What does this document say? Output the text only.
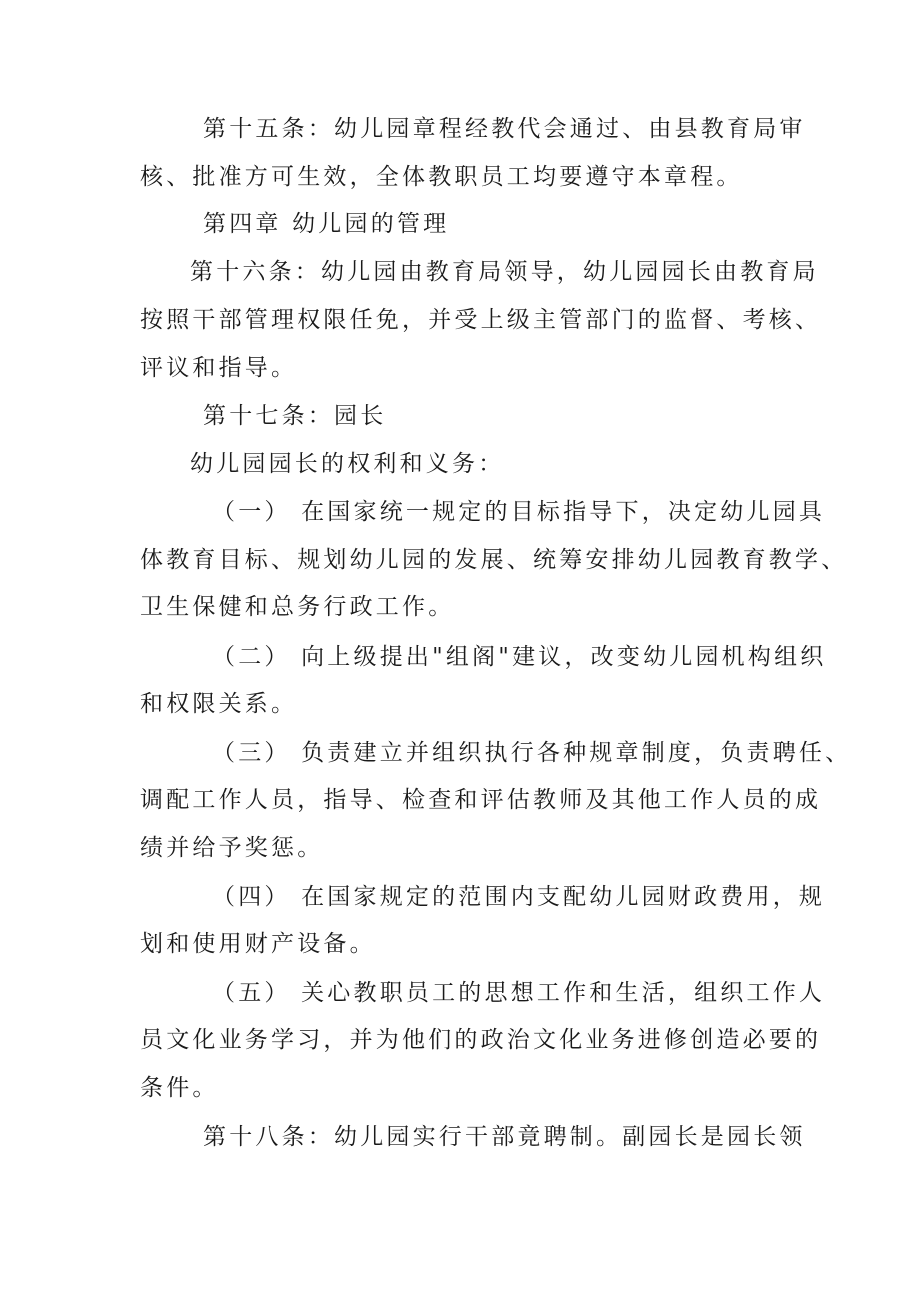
第十五条：幼儿园章程经教代会通过、由县教育局审
核、批准方可生效，全体教职员工均要遵守本章程。
第四章 幼儿园的管理
第十六条：幼儿园由教育局领导，幼儿园园长由教育局
按照干部管理权限任免，并受上级主管部门的监督、考核、
评议和指导。
第十七条：园长
幼儿园园长的权利和义务：
（一） 在国家统一规定的目标指导下，决定幼儿园具
体教育目标、规划幼儿园的发展、统筹安排幼儿园教育教学、
卫生保健和总务行政工作。
（二） 向上级提出"组阁"建议，改变幼儿园机构组织
和权限关系。
（三） 负责建立并组织执行各种规章制度，负责聘任、
调配工作人员，指导、检查和评估教师及其他工作人员的成
绩并给予奖惩。
（四） 在国家规定的范围内支配幼儿园财政费用，规
划和使用财产设备。
（五） 关心教职员工的思想工作和生活，组织工作人
员文化业务学习，并为他们的政治文化业务进修创造必要的
条件。
第十八条：幼儿园实行干部竟聘制。副园长是园长领
